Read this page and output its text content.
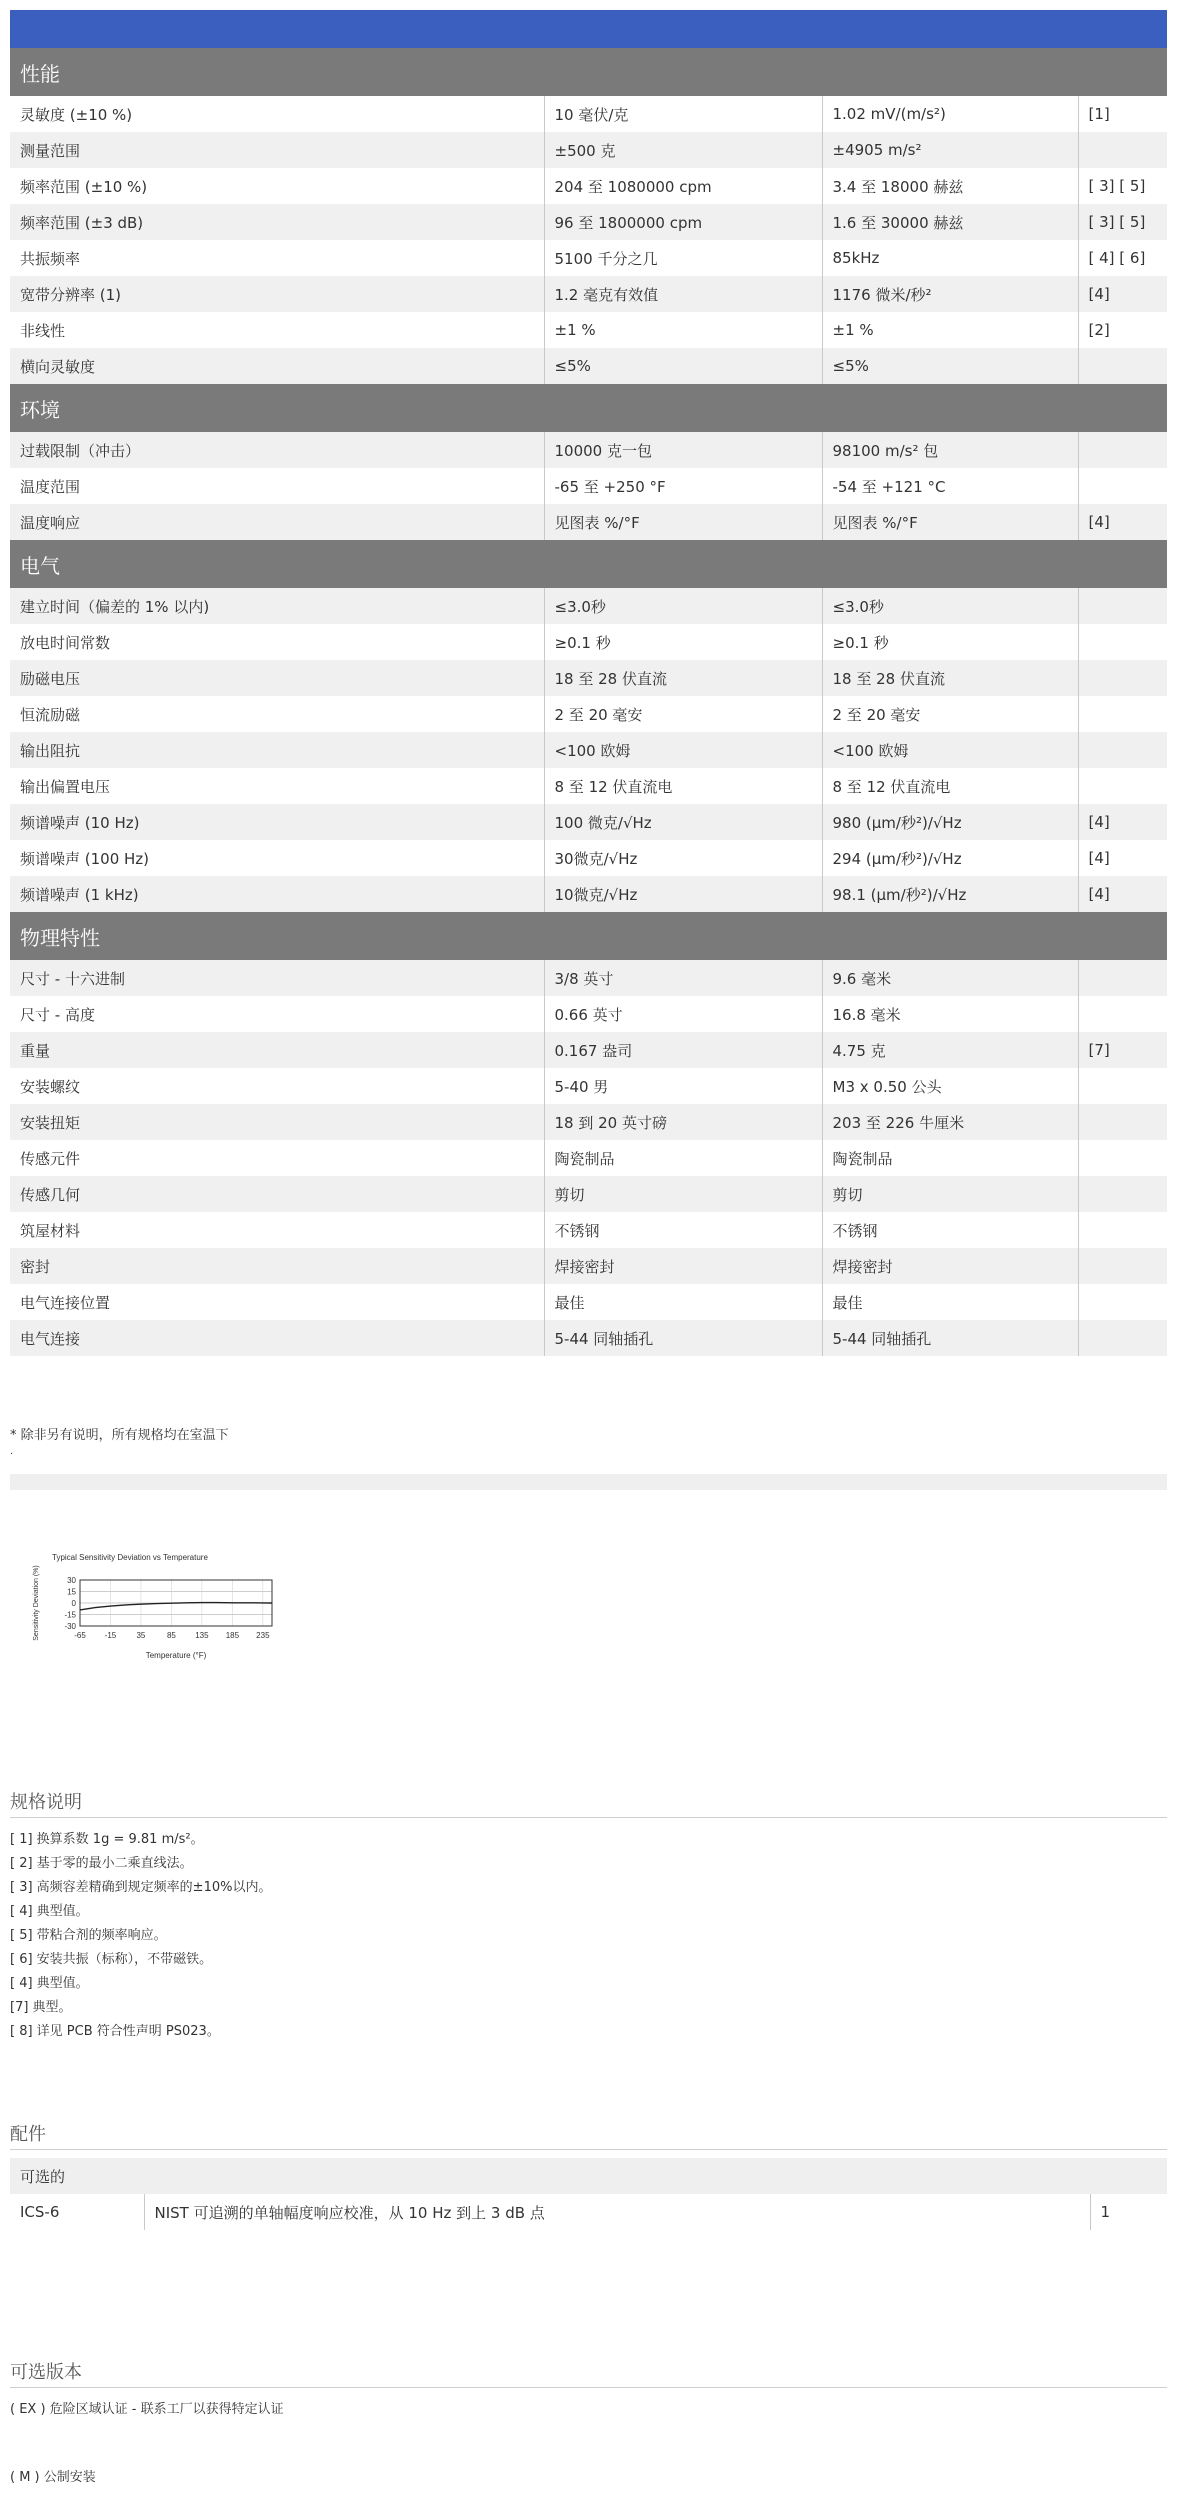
性能			
灵敏度 (±10 %)	10 毫伏/克	1.02 mV/(m/s²)	[1]
测量范围	±500 克	±4905 m/s²	
频率范围 (±10 %)	204 至 1080000 cpm	3.4 至 18000 赫兹	[ 3] [ 5]
频率范围 (±3 dB)	96 至 1800000 cpm	1.6 至 30000 赫兹	[ 3] [ 5]
共振频率	5100 千分之几	85kHz	[ 4] [ 6]
宽带分辨率 (1)	1.2 毫克有效值	1176 微米/秒²	[4]
非线性	±1 %	±1 %	[2]
横向灵敏度	≤5%	≤5%	
环境			
过载限制（冲击）	10000 克一包	98100 m/s² 包	
温度范围	-65 至 +250 °F	-54 至 +121 °C	
温度响应	见图表 %/°F	见图表 %/°F	[4]
电气			
建立时间（偏差的 1% 以内)	≤3.0秒	≤3.0秒	
放电时间常数	≥0.1 秒	≥0.1 秒	
励磁电压	18 至 28 伏直流	18 至 28 伏直流	
恒流励磁	2 至 20 毫安	2 至 20 毫安	
输出阻抗	<100 欧姆	<100 欧姆	
输出偏置电压	8 至 12 伏直流电	8 至 12 伏直流电	
频谱噪声 (10 Hz)	100 微克/√Hz	980 (μm/秒²)/√Hz	[4]
频谱噪声 (100 Hz)	30微克/√Hz	294 (μm/秒²)/√Hz	[4]
频谱噪声 (1 kHz)	10微克/√Hz	98.1 (μm/秒²)/√Hz	[4]
物理特性			
尺寸 - 十六进制	3/8 英寸	9.6 毫米	
尺寸 - 高度	0.66 英寸	16.8 毫米	
重量	0.167 盎司	4.75 克	[7]
安装螺纹	5-40 男	M3 x 0.50 公头	
安装扭矩	18 到 20 英寸磅	203 至 226 牛厘米	
传感元件	陶瓷制品	陶瓷制品	
传感几何	剪切	剪切	
筑屋材料	不锈钢	不锈钢	
密封	焊接密封	焊接密封	
电气连接位置	最佳	最佳	
电气连接	5-44 同轴插孔	5-44 同轴插孔	
* 除非另有说明，所有规格均在室温下
.
Typical Sensitivity Deviation vs Temperature
30
15
0
-15
-30
-65 -15	35	85 135 185 235
Temperature (°F)
Sensitivity Deviation (%)
规格说明
[ 1] 换算系数 1g = 9.81 m/s²。
[ 2] 基于零的最小二乘直线法。
[ 3] 高频容差精确到规定频率的±10%以内。
[ 4] 典型值。
[ 5] 带粘合剂的频率响应。
[ 6] 安装共振（标称），不带磁铁。
[ 4] 典型值。
[7] 典型。
[ 8] 详见 PCB 符合性声明 PS023。
配件
可选的
ICS-6	NIST 可追溯的单轴幅度响应校准，从 10 Hz 到上 3 dB 点	1
可选版本
( EX ) 危险区域认证 - 联系工厂以获得特定认证
( M ) 公制安装
